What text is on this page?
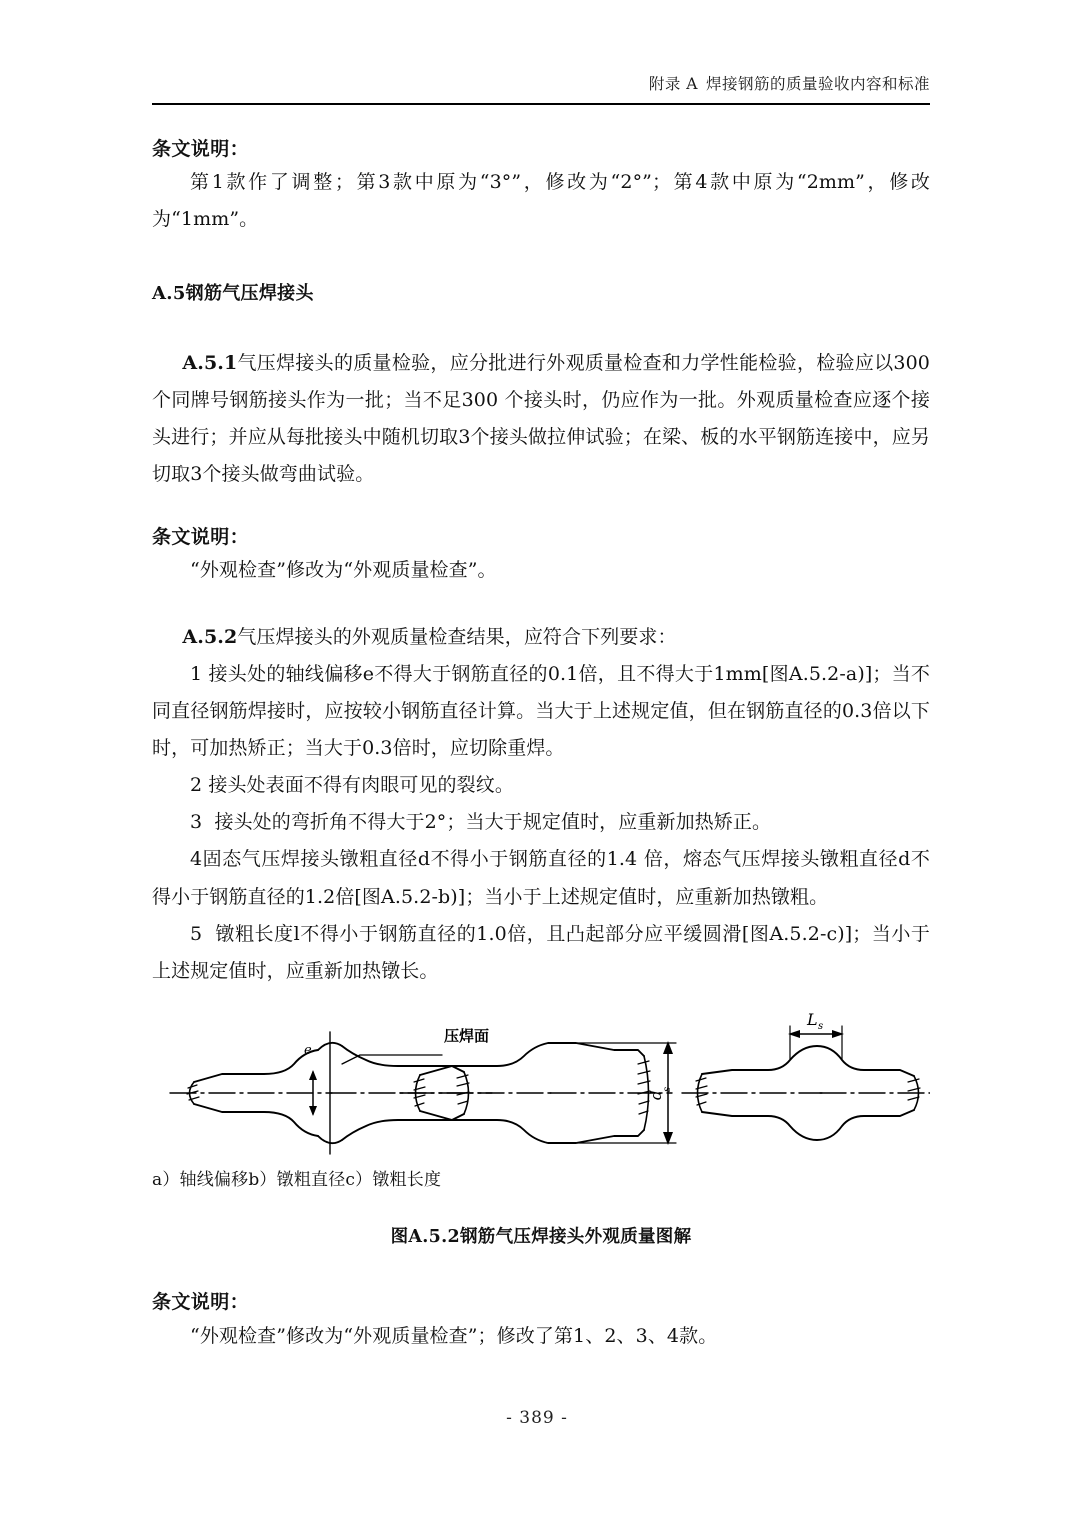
附录 A 焊接钢筋的质量验收内容和标准
条文说明：
第1款作了调整；第3款中原为“3°”，修改为“2°”；第4款中原为“2mm”，修改为“1mm”。
A.5钢筋气压焊接头
A.5.1气压焊接头的质量检验，应分批进行外观质量检查和力学性能检验，检验应以300个同牌号钢筋接头作为一批；当不足300 个接头时，仍应作为一批。外观质量检查应逐个接头进行；并应从每批接头中随机切取3个接头做拉伸试验；在梁、板的水平钢筋连接中，应另切取3个接头做弯曲试验。
条文说明：
“外观检查”修改为“外观质量检查”。
A.5.2气压焊接头的外观质量检查结果，应符合下列要求：
1 接头处的轴线偏移e不得大于钢筋直径的0.1倍，且不得大于1mm[图A.5.2-a)]；当不同直径钢筋焊接时，应按较小钢筋直径计算。当大于上述规定值，但在钢筋直径的0.3倍以下时，可加热矫正；当大于0.3倍时，应切除重焊。
2 接头处表面不得有肉眼可见的裂纹。
3  接头处的弯折角不得大于2°；当大于规定值时，应重新加热矫正。
4固态气压焊接头镦粗直径d不得小于钢筋直径的1.4 倍，熔态气压焊接头镦粗直径d不得小于钢筋直径的1.2倍[图A.5.2-b)]；当小于上述规定值时，应重新加热镦粗。
5  镦粗长度l不得小于钢筋直径的1.0倍，且凸起部分应平缓圆滑[图A.5.2-c)]；当小于上述规定值时，应重新加热镦长。
压焊面
e
d
s
L s
a）轴线偏移b）镦粗直径c）镦粗长度
图A.5.2钢筋气压焊接头外观质量图解
条文说明：
“外观检查”修改为“外观质量检查”；修改了第1、2、3、4款。
- 389 -
